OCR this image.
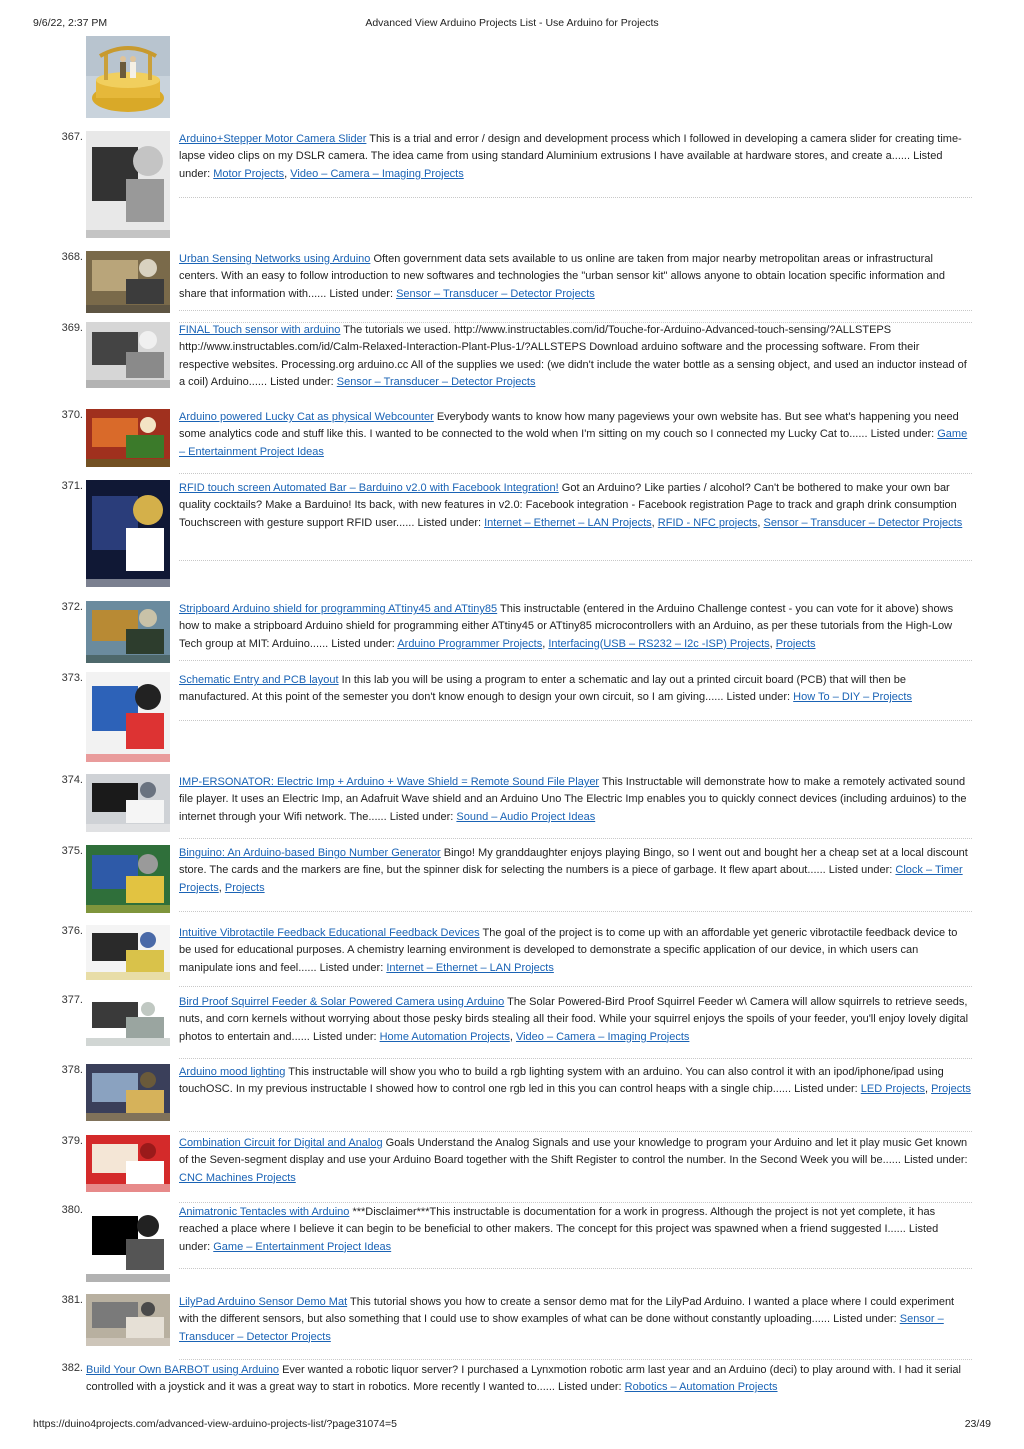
9/6/22, 2:37 PM	Advanced View Arduino Projects List - Use Arduino for Projects
367.	Arduino+Stepper Motor Camera Slider This is a trial and error / design and development process which I followed in developing a camera slider for creating time-lapse video clips on my DSLR camera. The idea came from using standard Aluminium extrusions I have available at hardware stores, and create a...... Listed under: Motor Projects, Video – Camera – Imaging Projects
368.	Urban Sensing Networks using Arduino Often government data sets available to us online are taken from major nearby metropolitan areas or infrastructural centers. With an easy to follow introduction to new softwares and technologies the "urban sensor kit" allows anyone to obtain location specific information and share that information with...... Listed under: Sensor – Transducer – Detector Projects
369.	FINAL Touch sensor with arduino The tutorials we used. http://www.instructables.com/id/Touche-for-Arduino-Advanced-touch-sensing/?ALLSTEPS http://www.instructables.com/id/Calm-Relaxed-Interaction-Plant-Plus-1/?ALLSTEPS Download arduino software and the processing software. From their respective websites. Processing.org arduino.cc All of the supplies we used: (we didn't include the water bottle as a sensing object, and used an inductor instead of a coil) Arduino...... Listed under: Sensor – Transducer – Detector Projects
370.	Arduino powered Lucky Cat as physical Webcounter Everybody wants to know how many pageviews your own website has. But see what's happening you need some analytics code and stuff like this. I wanted to be connected to the wold when I'm sitting on my couch so I connected my Lucky Cat to...... Listed under: Game – Entertainment Project Ideas
371.	RFID touch screen Automated Bar – Barduino v2.0 with Facebook Integration! Got an Arduino? Like parties / alcohol? Can't be bothered to make your own bar quality cocktails? Make a Barduino! Its back, with new features in v2.0: Facebook integration - Facebook registration Page to track and graph drink consumption Touchscreen with gesture support RFID user...... Listed under: Internet – Ethernet – LAN Projects, RFID - NFC projects, Sensor – Transducer – Detector Projects
372.	Stripboard Arduino shield for programming ATtiny45 and ATtiny85 This instructable (entered in the Arduino Challenge contest - you can vote for it above) shows how to make a stripboard Arduino shield for programming either ATtiny45 or ATtiny85 microcontrollers with an Arduino, as per these tutorials from the High-Low Tech group at MIT: Arduino...... Listed under: Arduino Programmer Projects, Interfacing(USB – RS232 – I2c -ISP) Projects, Projects
373.	Schematic Entry and PCB layout In this lab you will be using a program to enter a schematic and lay out a printed circuit board (PCB) that will then be manufactured. At this point of the semester you don't know enough to design your own circuit, so I am giving...... Listed under: How To – DIY – Projects
374.	IMP-ERSONATOR: Electric Imp + Arduino + Wave Shield = Remote Sound File Player This Instructable will demonstrate how to make a remotely activated sound file player. It uses an Electric Imp, an Adafruit Wave shield and an Arduino Uno The Electric Imp enables you to quickly connect devices (including arduinos) to the internet through your Wifi network. The...... Listed under: Sound – Audio Project Ideas
375.	Binguino: An Arduino-based Bingo Number Generator Bingo! My granddaughter enjoys playing Bingo, so I went out and bought her a cheap set at a local discount store. The cards and the markers are fine, but the spinner disk for selecting the numbers is a piece of garbage. It flew apart about...... Listed under: Clock – Timer Projects, Projects
376.	Intuitive Vibrotactile Feedback Educational Feedback Devices The goal of the project is to come up with an affordable yet generic vibrotactile feedback device to be used for educational purposes. A chemistry learning environment is developed to demonstrate a specific application of our device, in which users can manipulate ions and feel...... Listed under: Internet – Ethernet – LAN Projects
377.	Bird Proof Squirrel Feeder & Solar Powered Camera using Arduino The Solar Powered-Bird Proof Squirrel Feeder w\ Camera will allow squirrels to retrieve seeds, nuts, and corn kernels without worrying about those pesky birds stealing all their food. While your squirrel enjoys the spoils of your feeder, you'll enjoy lovely digital photos to entertain and...... Listed under: Home Automation Projects, Video – Camera – Imaging Projects
378.	Arduino mood lighting This instructable will show you who to build a rgb lighting system with an arduino. You can also control it with an ipod/iphone/ipad using touchOSC. In my previous instructable I showed how to control one rgb led in this you can control heaps with a single chip...... Listed under: LED Projects, Projects
379.	Combination Circuit for Digital and Analog Goals Understand the Analog Signals and use your knowledge to program your Arduino and let it play music Get known of the Seven-segment display and use your Arduino Board together with the Shift Register to control the number. In the Second Week you will be...... Listed under: CNC Machines Projects
380.	Animatronic Tentacles with Arduino ***Disclaimer***This instructable is documentation for a work in progress. Although the project is not yet complete, it has reached a place where I believe it can begin to be beneficial to other makers. The concept for this project was spawned when a friend suggested I...... Listed under: Game – Entertainment Project Ideas
381.	LilyPad Arduino Sensor Demo Mat This tutorial shows you how to create a sensor demo mat for the LilyPad Arduino. I wanted a place where I could experiment with the different sensors, but also something that I could use to show examples of what can be done without constantly uploading...... Listed under: Sensor – Transducer – Detector Projects
382. Build Your Own BARBOT using Arduino Ever wanted a robotic liquor server? I purchased a Lynxmotion robotic arm last year and an Arduino (deci) to play around with. I had it serial controlled with a joystick and it was a great way to start in robotics. More recently I wanted to...... Listed under: Robotics – Automation Projects
https://duino4projects.com/advanced-view-arduino-projects-list/?page31074=5	23/49
